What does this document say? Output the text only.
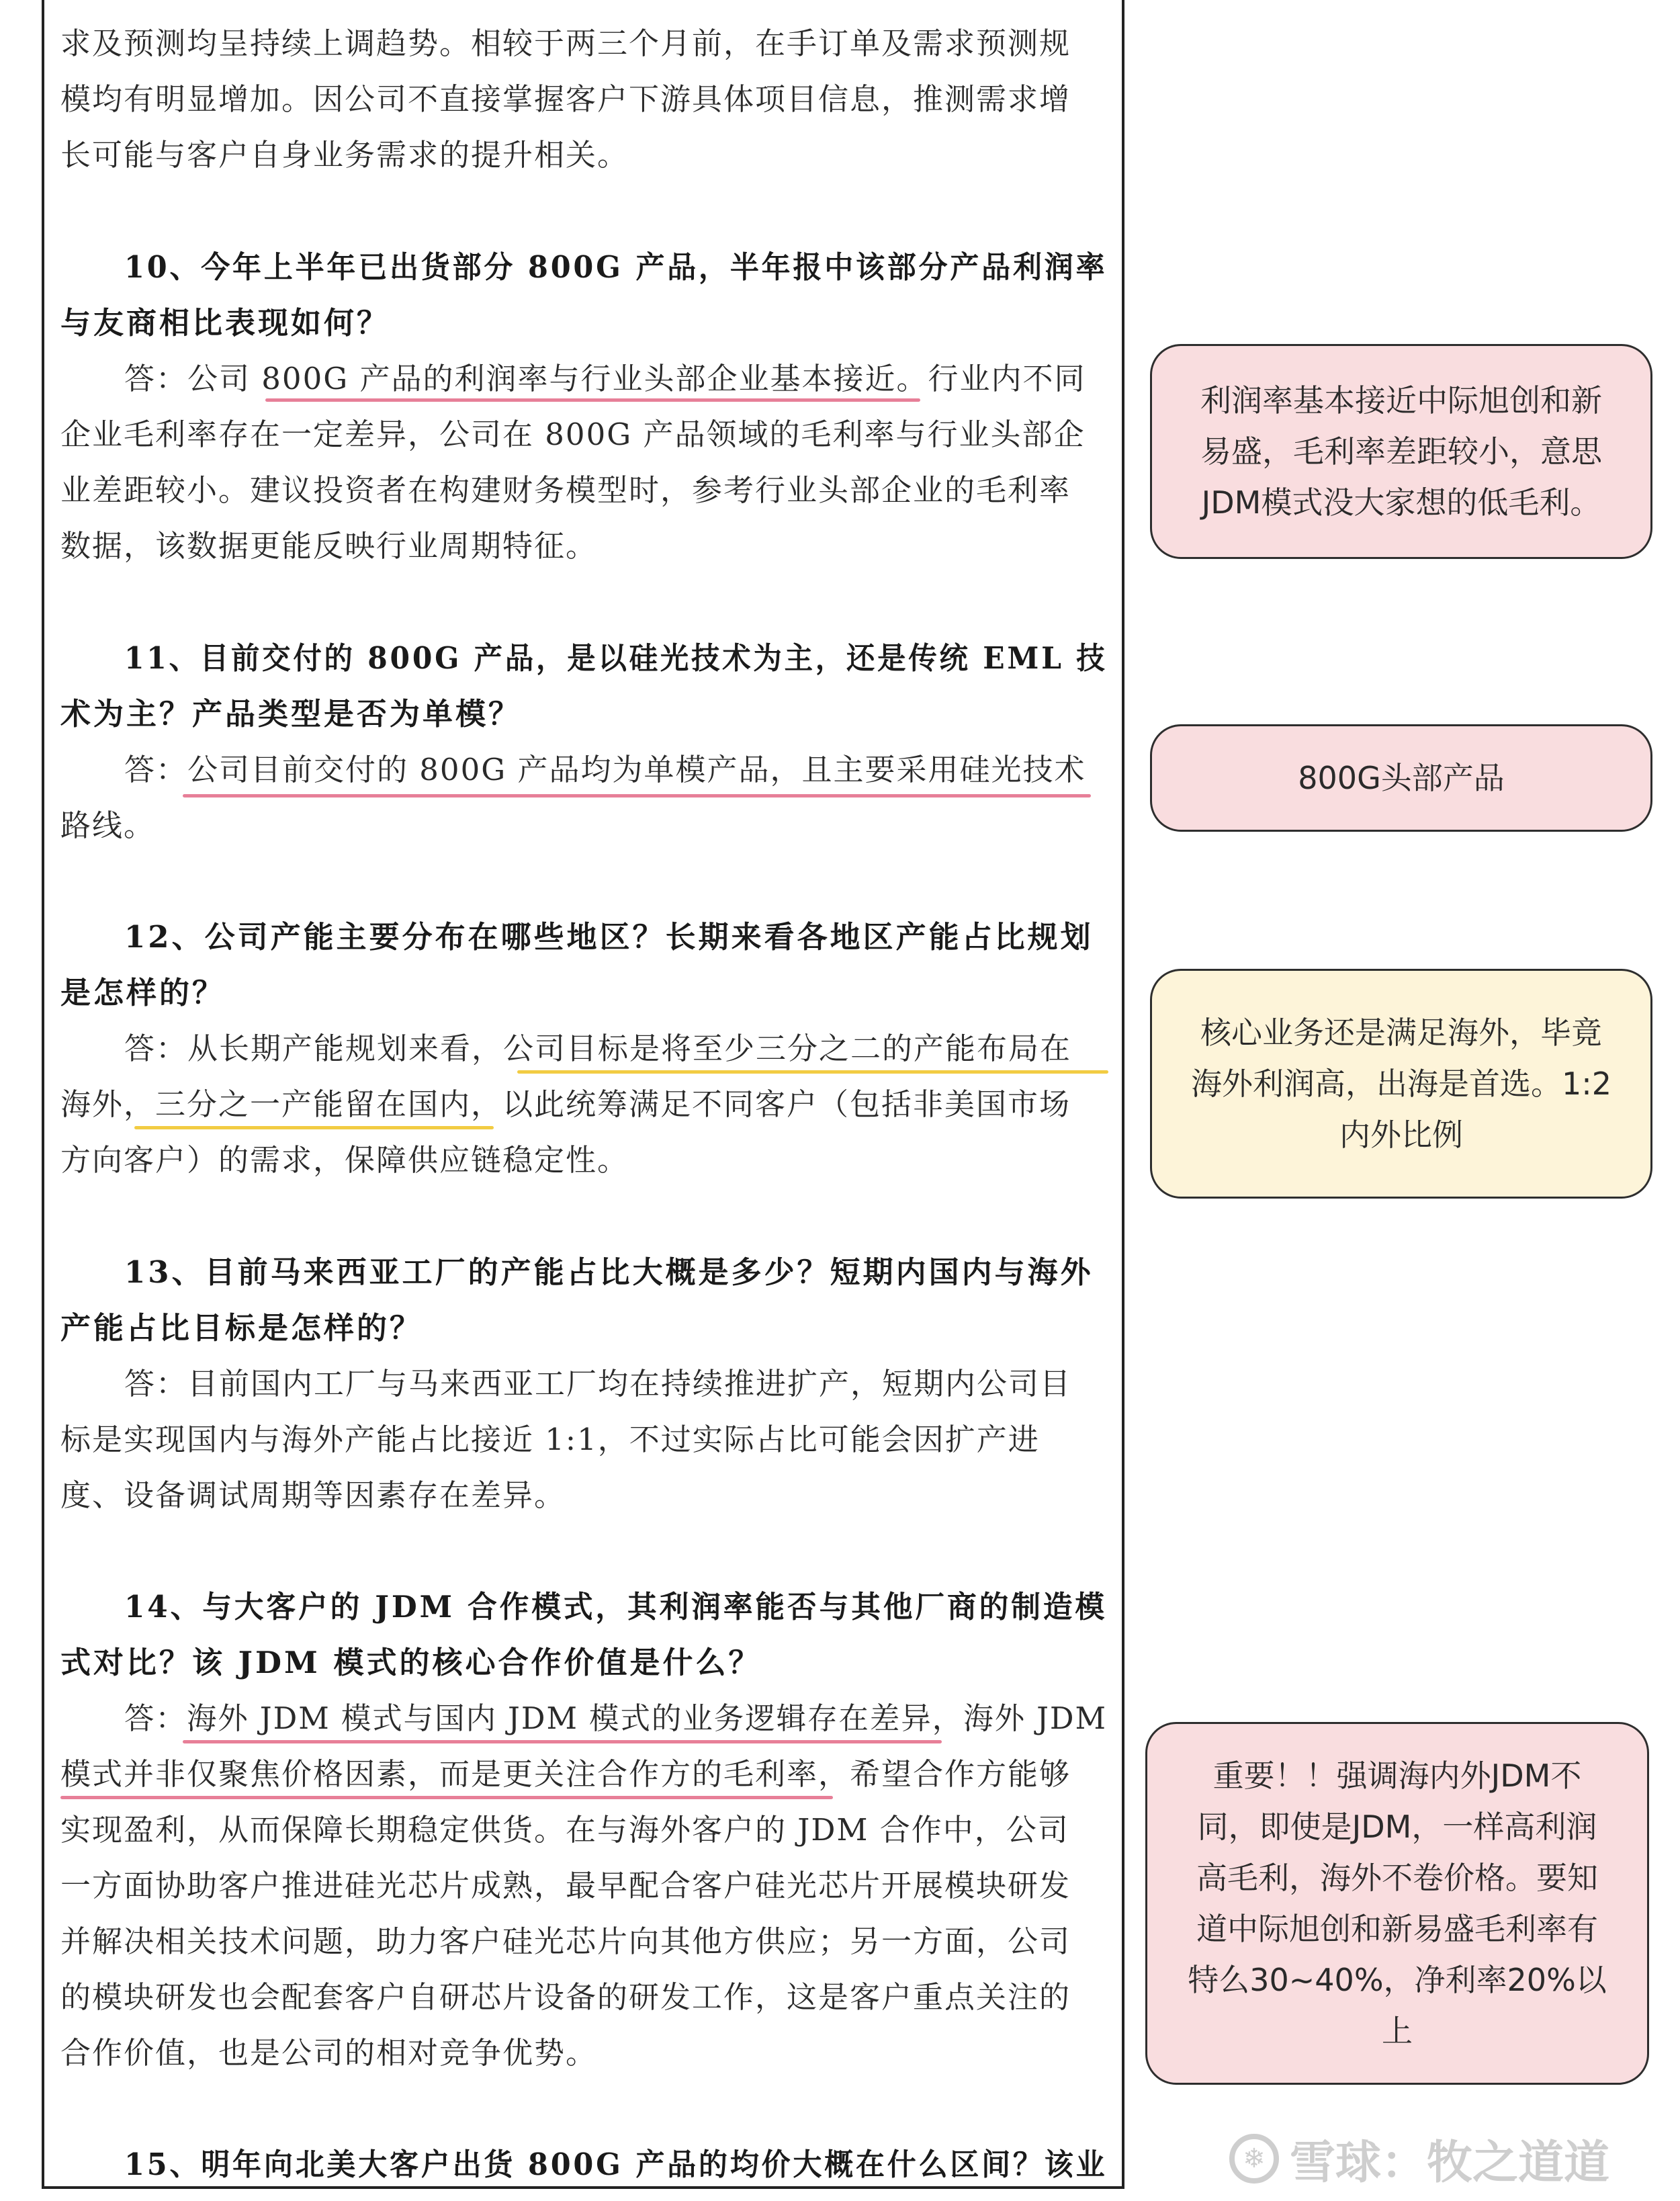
求及预测均呈持续上调趋势。相较于两三个月前，在手订单及需求预测规
模均有明显增加。因公司不直接掌握客户下游具体项目信息，推测需求增
长可能与客户自身业务需求的提升相关。
10、今年上半年已出货部分 800G 产品，半年报中该部分产品利润率
与友商相比表现如何？
答：公司 800G 产品的利润率与行业头部企业基本接近。行业内不同
企业毛利率存在一定差异，公司在 800G 产品领域的毛利率与行业头部企
业差距较小。建议投资者在构建财务模型时，参考行业头部企业的毛利率
数据，该数据更能反映行业周期特征。
11、目前交付的 800G 产品，是以硅光技术为主，还是传统 EML 技
术为主？产品类型是否为单模？
答：公司目前交付的 800G 产品均为单模产品，且主要采用硅光技术
路线。
12、公司产能主要分布在哪些地区？长期来看各地区产能占比规划
是怎样的？
答：从长期产能规划来看，公司目标是将至少三分之二的产能布局在
海外，三分之一产能留在国内，以此统筹满足不同客户（包括非美国市场
方向客户）的需求，保障供应链稳定性。
13、目前马来西亚工厂的产能占比大概是多少？短期内国内与海外
产能占比目标是怎样的？
答：目前国内工厂与马来西亚工厂均在持续推进扩产，短期内公司目
标是实现国内与海外产能占比接近 1:1，不过实际占比可能会因扩产进
度、设备调试周期等因素存在差异。
14、与大客户的 JDM 合作模式，其利润率能否与其他厂商的制造模
式对比？该 JDM 模式的核心合作价值是什么？
答：海外 JDM 模式与国内 JDM 模式的业务逻辑存在差异，海外 JDM
模式并非仅聚焦价格因素，而是更关注合作方的毛利率，希望合作方能够
实现盈利，从而保障长期稳定供货。在与海外客户的 JDM 合作中，公司
一方面协助客户推进硅光芯片成熟，最早配合客户硅光芯片开展模块研发
并解决相关技术问题，助力客户硅光芯片向其他方供应；另一方面，公司
的模块研发也会配套客户自研芯片设备的研发工作，这是客户重点关注的
合作价值，也是公司的相对竞争优势。
15、明年向北美大客户出货 800G 产品的均价大概在什么区间？该业
利润率基本接近中际旭创和新
易盛，毛利率差距较小，意思
JDM模式没大家想的低毛利。
800G头部产品
核心业务还是满足海外，毕竟
海外利润高，出海是首选。1:2
内外比例
重要！！强调海内外JDM不
同，即使是JDM，一样高利润
高毛利，海外不卷价格。要知
道中际旭创和新易盛毛利率有
特么30~40%，净利率20%以
上
❄ 雪球：牧之道道
